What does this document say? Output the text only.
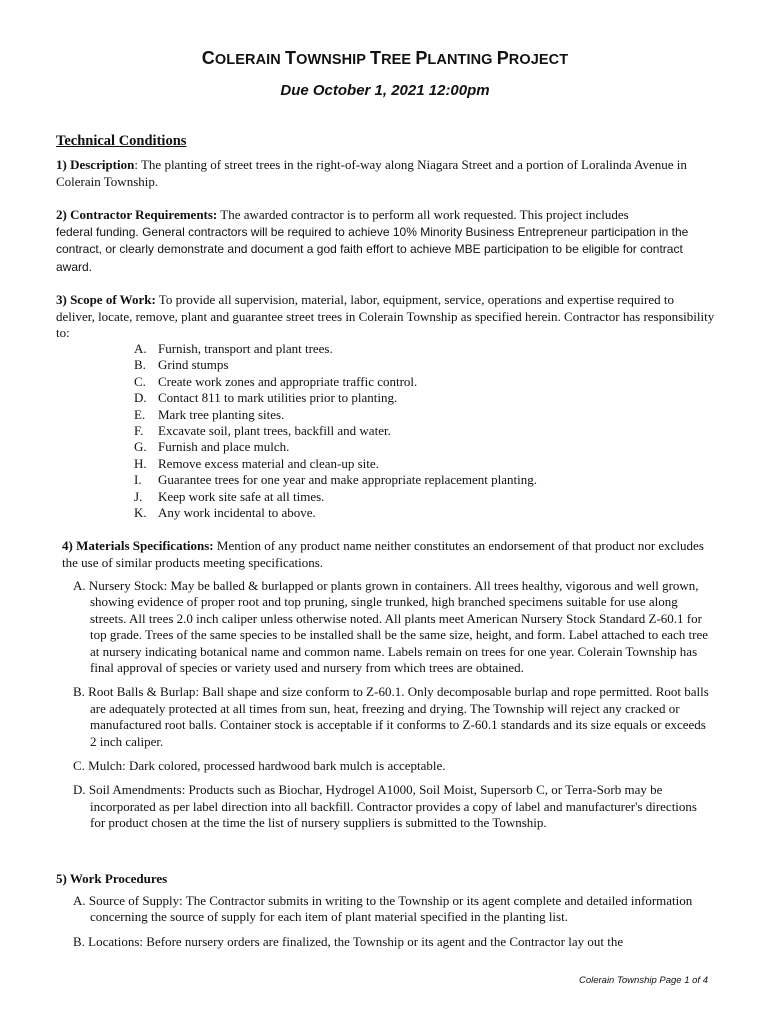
COLERAIN TOWNSHIP TREE PLANTING PROJECT
Due October 1, 2021 12:00pm
Technical Conditions
1) Description: The planting of street trees in the right-of-way along Niagara Street and a portion of Loralinda Avenue in Colerain Township.
2) Contractor Requirements: The awarded contractor is to perform all work requested. This project includes
federal funding. General contractors will be required to achieve 10% Minority Business Entrepreneur participation in the contract, or clearly demonstrate and document a god faith effort to achieve MBE participation to be eligible for contract award.
3) Scope of Work: To provide all supervision, material, labor, equipment, service, operations and expertise required to deliver, locate, remove, plant and guarantee street trees in Colerain Township as specified herein. Contractor has responsibility to:
A. Furnish, transport and plant trees.
B. Grind stumps
C. Create work zones and appropriate traffic control.
D. Contact 811 to mark utilities prior to planting.
E. Mark tree planting sites.
F.	Excavate soil, plant trees, backfill and water.
G. Furnish and place mulch.
H. Remove excess material and clean-up site.
I.	Guarantee trees for one year and make appropriate replacement planting.
J.	Keep work site safe at all times.
K. Any work incidental to above.
4) Materials Specifications: Mention of any product name neither constitutes an endorsement of that product nor excludes the use of similar products meeting specifications.
A. Nursery Stock: May be balled & burlapped or plants grown in containers. All trees healthy, vigorous and well grown, showing evidence of proper root and top pruning, single trunked, high branched specimens suitable for use along streets. All trees 2.0 inch caliper unless otherwise noted. All plants meet American Nursery Stock Standard Z-60.1 for top grade. Trees of the same species to be installed shall be the same size, height, and form. Label attached to each tree at nursery indicating botanical name and common name. Labels remain on trees for one year. Colerain Township has final approval of species or variety used and nursery from which trees are obtained.
B. Root Balls & Burlap: Ball shape and size conform to Z-60.1. Only decomposable burlap and rope permitted. Root balls are adequately protected at all times from sun, heat, freezing and drying. The Township will reject any cracked or manufactured root balls. Container stock is acceptable if it conforms to Z-60.1 standards and its size equals or exceeds 2 inch caliper.
C. Mulch: Dark colored, processed hardwood bark mulch is acceptable.
D. Soil Amendments: Products such as Biochar, Hydrogel A1000, Soil Moist, Supersorb C, or Terra-Sorb may be incorporated as per label direction into all backfill. Contractor provides a copy of label and manufacturer's directions for product chosen at the time the list of nursery suppliers is submitted to the Township.
5) Work Procedures
A. Source of Supply: The Contractor submits in writing to the Township or its agent complete and detailed information concerning the source of supply for each item of plant material specified in the planting list.
B. Locations: Before nursery orders are finalized, the Township or its agent and the Contractor lay out the
Colerain Township Page 1 of 4
